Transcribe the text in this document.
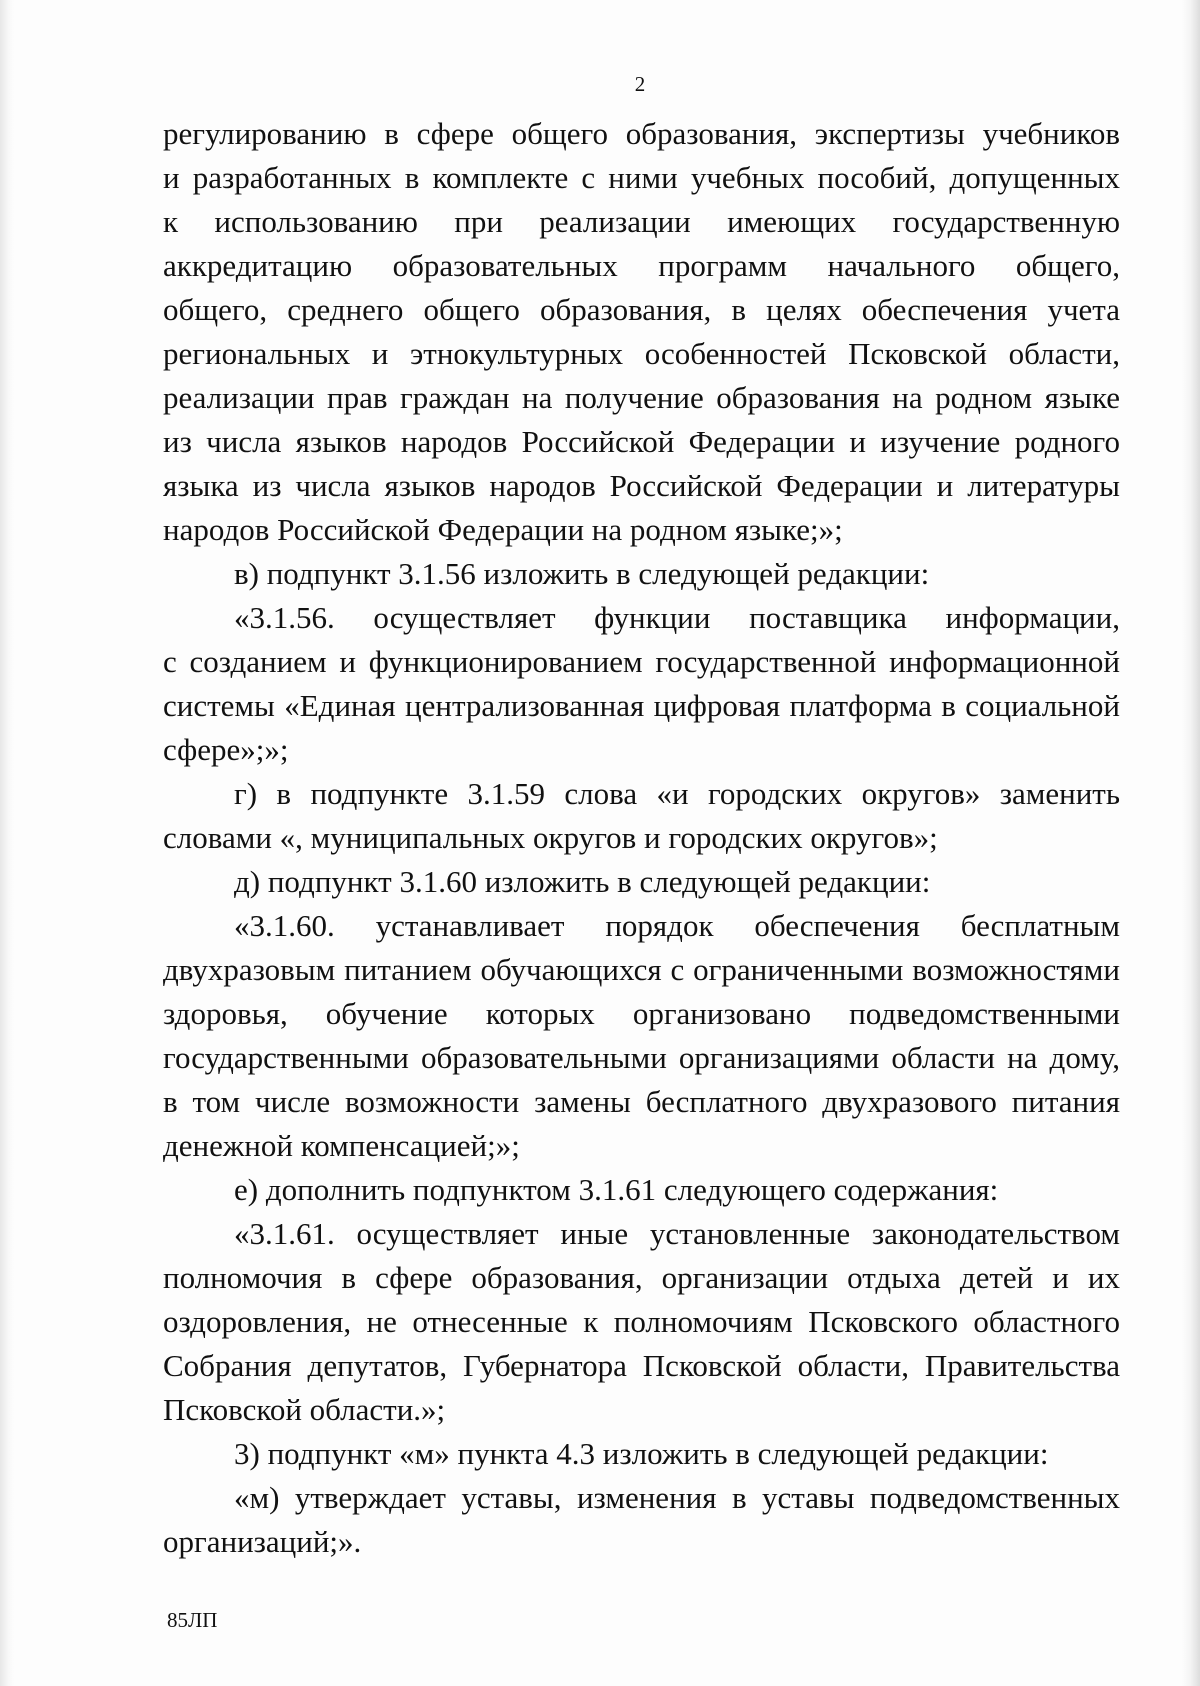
2
регулированию в сфере общего образования, экспертизы учебников
и разработанных в комплекте с ними учебных пособий, допущенных
к использованию при реализации имеющих государственную
аккредитацию образовательных программ начального общего,
общего, среднего общего образования, в целях обеспечения учета
региональных и этнокультурных особенностей Псковской области,
реализации прав граждан на получение образования на родном языке
из числа языков народов Российской Федерации и изучение родного
языка из числа языков народов Российской Федерации и литературы
народов Российской Федерации на родном языке;»;
в) подпункт 3.1.56 изложить в следующей редакции:
«3.1.56. осуществляет функции поставщика информации,
с созданием и функционированием государственной информационной
системы «Единая централизованная цифровая платформа в социальной
сфере»;»;
г) в подпункте 3.1.59 слова «и городских округов» заменить
словами «, муниципальных округов и городских округов»;
д) подпункт 3.1.60 изложить в следующей редакции:
«3.1.60. устанавливает порядок обеспечения бесплатным
двухразовым питанием обучающихся с ограниченными возможностями
здоровья, обучение которых организовано подведомственными
государственными образовательными организациями области на дому,
в том числе возможности замены бесплатного двухразового питания
денежной компенсацией;»;
е) дополнить подпунктом 3.1.61 следующего содержания:
«3.1.61. осуществляет иные установленные законодательством
полномочия в сфере образования, организации отдыха детей и их
оздоровления, не отнесенные к полномочиям Псковского областного
Собрания депутатов, Губернатора Псковской области, Правительства
Псковской области.»;
3) подпункт «м» пункта 4.3 изложить в следующей редакции:
«м) утверждает уставы, изменения в уставы подведомственных
организаций;».
85ЛП
